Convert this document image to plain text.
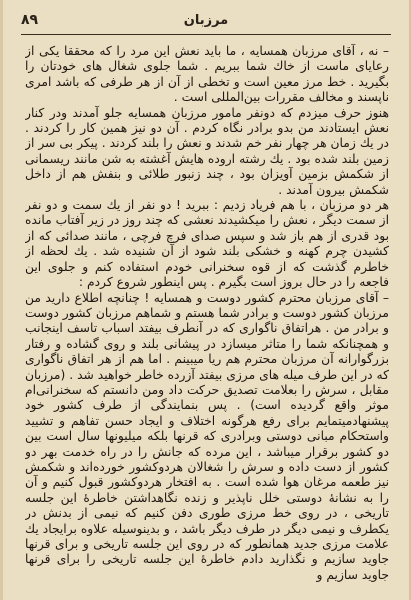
مرزبان
۸۹

– نه ، آقای مرزبان همسایه ، ما باید نعش این مرد را که محققا یکی از رعایای ماست از خاك شما ببریم . شما جلوی شغال های خودتان را بگیرید . خط مرز معین است و تخطی از آن از هر طرفی که باشد امری ناپسند و مخالف مقررات بین‌المللی است .

هنوز حرف میزدم که دونفر مامور مرزبان همسایه جلو آمدند ودر کنار نعش ایستادند من بدو برادر نگاه کردم . آن دو نیز همین کار را کردند . در یك زمان هر چهار نفر خم شدند و نعش را بلند کردند . پیکر بی سر از زمین بلند شده بود . یك رشته اروده هایش آغشته به شن مانند ریسمانی از شکمش بزمین آویزان بود ، چند زنبور طلائی و بنفش هم از داخل شکمش بیرون آمدند .

هر دو مرزبان ، با هم فریاد زدیم : ببرید ! دو نفر از یك سمت و دو نفر از سمت دیگر ، نعش را میکشیدند نعشی که چند روز در زیر آفتاب مانده بود قدری از هم باز شد و سپس صدای فرچ فرچی ، مانند صدائی که از کشیدن چرم کهنه و خشکی بلند شود از آن شنیده شد . یك لحظه از خاطرم گذشت که از قوه سخنرانی خودم استفاده کنم و جلوی این فاجعه را در حال بروز است بگیرم . پس اینطور شروع کردم :

– آقای مرزبان محترم کشور دوست و همسایه ! چنانچه اطلاع دارید من مرزبان کشور دوست و برادر شما هستم و شماهم مرزبان کشور دوست و برادر من . هراتفاق ناگواری که در آنطرف بیفتد اسباب تاسف اینجانب و همچنانکه شما را متاثر میسازد در پیشانی بلند و روی گشاده و رفتار بزرگوارانه آن مرزبان محترم هم ریا میبینم . اما هم از هر اتفاق ناگواری که در این طرف میله های مرزی بیفتد آزرده خاطر خواهید شد . (مرزبان مقابل ، سرش را بعلامت تصدیق حرکت داد ومن دانستم که سخنرانی‌ام موثر واقع گردیده است) . پس بنمایندگی از طرف کشور خود پیشنهادمیتمایم برای رفع هرگونه اختلاف و ایجاد حسن تفاهم و تشیید واستحکام مبانی دوستی وبرادری که قرنها بلکه میلیونها سال است بین دو کشور برقرار میباشد ، این مرده که جانش را در راه خدمت بهر دو کشور از دست داده و سرش را شغالان هردوکشور خورده‌اند و شکمش نیز طعمه مرغان هوا شده است . به افتخار هردوکشور قبول کنیم و آن را به نشانهٔ دوستی خلل ناپذیر و زنده نگاهداشتن خاطرهٔ این جلسه تاریخی ، در روی خط مرزی طوری دفن کنیم که نیمی از بدنش در یکطرف و نیمی دیگر در طرف دیگر باشد ، و بدینوسیله علاوه برایجاد یك علامت مرزی جدید همانطور که در روی این جلسه تاریخی و برای قرنها جاوید سازیم و نگذارید دادم خاطرهٔ این جلسه تاریخی را برای قرنها جاوید سازیم و
